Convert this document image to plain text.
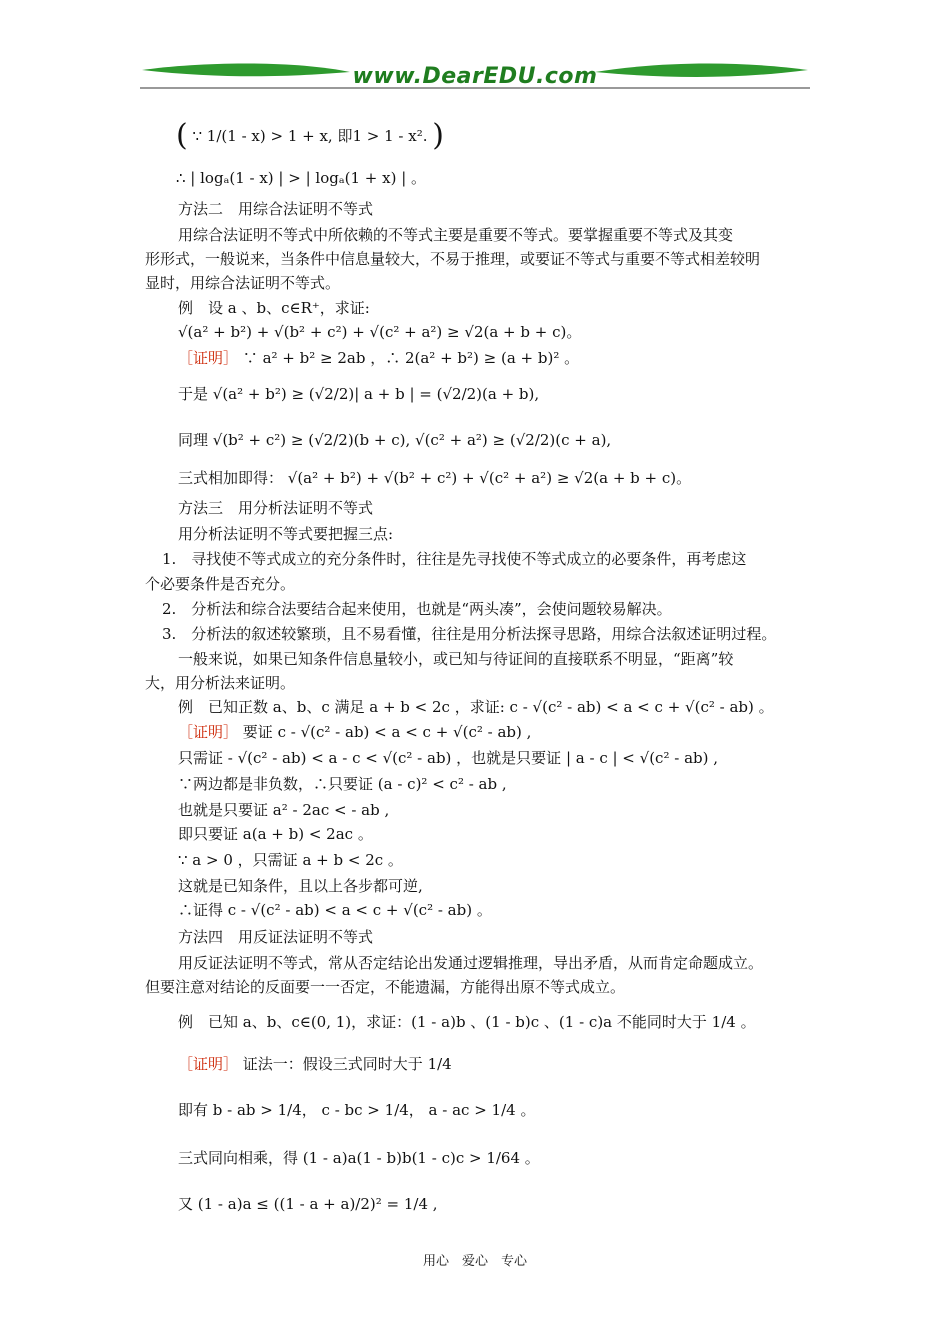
www.DearEDU.com
( ∵ 1/(1 - x) > 1 + x, 即1 > 1 - x². )
∴ | logₐ(1 - x) | > | logₐ(1 + x) | 。
方法二　用综合法证明不等式
用综合法证明不等式中所依赖的不等式主要是重要不等式。要掌握重要不等式及其变
形形式，一般说来，当条件中信息量较大，不易于推理，或要证不等式与重要不等式相差较明
显时，用综合法证明不等式。
例　设 a 、b、c∈R⁺，求证:
√(a² + b²) + √(b² + c²) + √(c² + a²) ≥ √2(a + b + c)。
［证明］ ∵ a² + b² ≥ 2ab ，∴ 2(a² + b²) ≥ (a + b)² 。
于是 √(a² + b²) ≥ (√2/2)| a + b | = (√2/2)(a + b),
同理 √(b² + c²) ≥ (√2/2)(b + c), √(c² + a²) ≥ (√2/2)(c + a),
三式相加即得： √(a² + b²) + √(b² + c²) + √(c² + a²) ≥ √2(a + b + c)。
方法三　用分析法证明不等式
用分析法证明不等式要把握三点:
1.　寻找使不等式成立的充分条件时，往往是先寻找使不等式成立的必要条件，再考虑这
个必要条件是否充分。
2.　分析法和综合法要结合起来使用，也就是“两头凑”，会使问题较易解决。
3.　分析法的叙述较繁琐，且不易看懂，往往是用分析法探寻思路，用综合法叙述证明过程。
一般来说，如果已知条件信息量较小，或已知与待证间的直接联系不明显，“距离”较
大，用分析法来证明。
例　已知正数 a、b、c 满足 a + b < 2c ，求证: c - √(c² - ab) < a < c + √(c² - ab) 。
［证明］ 要证 c - √(c² - ab) < a < c + √(c² - ab) ,
只需证 - √(c² - ab) < a - c < √(c² - ab) ，也就是只要证 | a - c | < √(c² - ab) ,
∵两边都是非负数，∴只要证 (a - c)² < c² - ab ,
也就是只要证 a² - 2ac < - ab ,
即只要证 a(a + b) < 2ac 。
∵ a > 0 ，只需证 a + b < 2c 。
这就是已知条件，且以上各步都可逆,
∴证得 c - √(c² - ab) < a < c + √(c² - ab) 。
方法四　用反证法证明不等式
用反证法证明不等式，常从否定结论出发通过逻辑推理，导出矛盾，从而肯定命题成立。
但要注意对结论的反面要一一否定，不能遗漏，方能得出原不等式成立。
例　已知 a、b、c∈(0, 1)，求证：(1 - a)b 、(1 - b)c 、(1 - c)a 不能同时大于 1/4 。
［证明］ 证法一：假设三式同时大于 1/4
即有 b - ab > 1/4， c - bc > 1/4， a - ac > 1/4 。
三式同向相乘，得 (1 - a)a(1 - b)b(1 - c)c > 1/64 。
又 (1 - a)a ≤ ((1 - a + a)/2)² = 1/4 ,
用心　爱心　专心
